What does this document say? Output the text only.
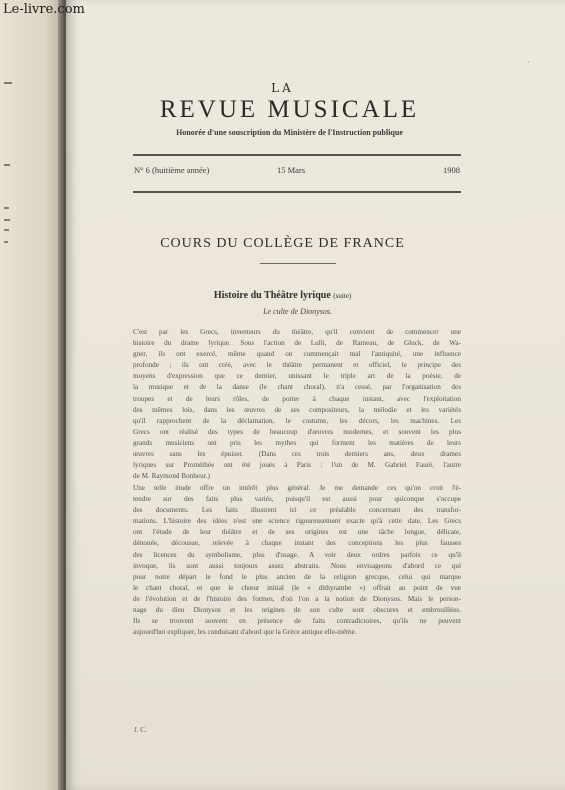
Le-livre.com
·
LA
REVUE MUSICALE
Honorée d'une souscription du Ministère de l'Instruction publique
N° 6 (huitième année)	15 Mars	1908
COURS DU COLLÈGE DE FRANCE
Histoire du Théâtre lyrique (suite)
Le culte de Dionysos.
C'est par les Grecs, inventeurs du théâtre, qu'il convient de commencer une
histoire du drame lyrique. Sous l'action de Lulli, de Rameau, de Gluck, de Wa-
gner, ils ont exercé, même quand on commençait mal l'antiquité, une influence
profonde ; ils ont créé, avec le théâtre permanent et officiel, le principe des
moyens d'expression que ce dernier, unissant le triple art de la poésie, de
la musique et de la danse (le chant choral), n'a cessé, par l'organisation des
troupes et de leurs rôles, de porter à chaque instant, avec l'exploitation
des mêmes lois, dans les œuvres de ses compositeurs, la mélodie et les variétés
qu'il rapprochent de la déclamation, le costume, les décors, les machines. Les
Grecs ont réalisé des types de beaucoup d'œuvres modernes, et souvent les plus
grands musiciens ont pris les mythes qui forment les matières de leurs
œuvres sans les épuiser. (Dans ces trois derniers ans, deux drames
lyriques sur Prométhée ont été joués à Paris : l'un de M. Gabriel Fauré, l'autre
de M. Raymond Bonheur.)
Une telle étude offre un intérêt plus général. Je me demande ces qu'on croit l'é-
tendre sur des faits plus variés, puisqu'il est aussi pour quiconque s'occupe
des documents. Les faits illustrent ici ce préalable concernant des transfor-
mations. L'histoire des idées n'est une science rigoureusement exacte qu'à cette date. Les Grecs
ont l'étude de leur théâtre et de ses origines est une tâche longue, délicate,
dénouée, décousue, relevée à chaque instant des conceptions les plus fausses
des licences du symbolisme, plus d'usage. A voir deux ordres parfois ce qu'il
invoque, ils sont aussi toujours assez abstraits. Nous envisageons d'abord ce qui
pour notre départ le fond le plus ancien de la religion grecque, celui qui marque
le chant choral, et que le chœur initial (le « dithyrambe ») offrait au point de vue
de l'évolution et de l'histoire des formes, d'où l'on a la notion de Dionysos. Mais le person-
nage du dieu Dionysos et les origines de son culte sont obscures et embrouillées.
Ils se trouvent souvent en présence de faits contradictoires, qu'ils ne peuvent
aujourd'hui expliquer, les conduisant d'abord que la Grèce antique elle-même.
J. C.
